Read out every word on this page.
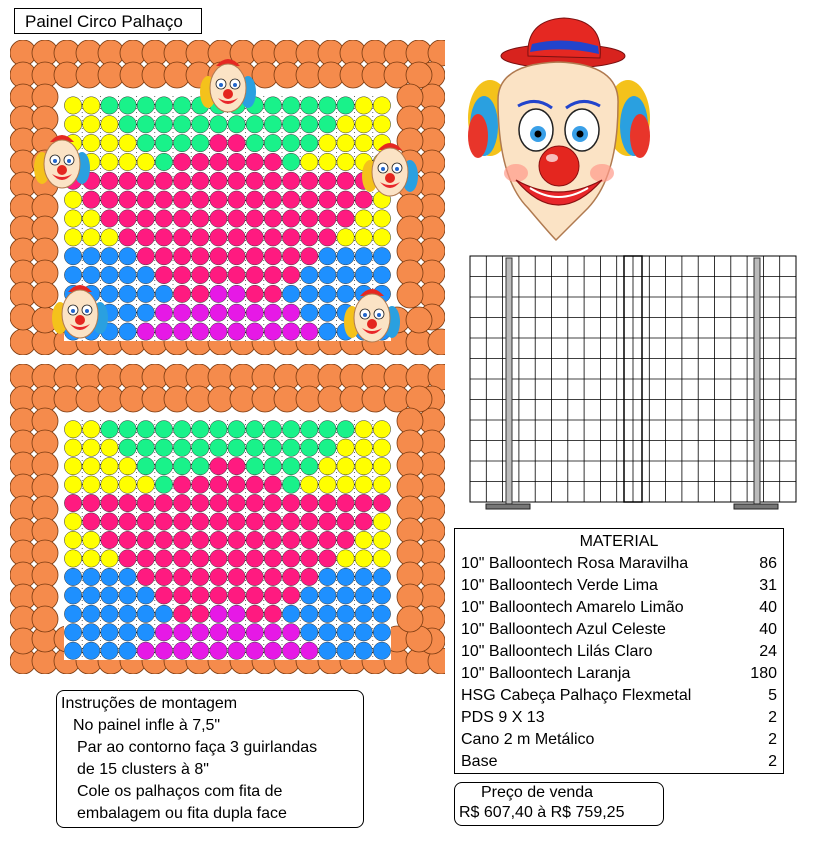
Painel Circo Palhaço
MATERIAL
10" Balloontech Rosa Maravilha	86
10" Balloontech Verde Lima	31
10" Balloontech Amarelo Limão	40
10" Balloontech Azul Celeste	40
10" Balloontech Lilás Claro	24
10" Balloontech Laranja	180
HSG Cabeça Palhaço Flexmetal	5
PDS 9 X 13	2
Cano 2 m Metálico	2
Base	2
Preço de venda
R$ 607,40 à R$ 759,25
Instruções de montagem
No painel infle à 7,5"
Par ao contorno faça 3 guirlandas
de 15 clusters à 8"
Cole os palhaços com fita de
embalagem ou fita dupla face
